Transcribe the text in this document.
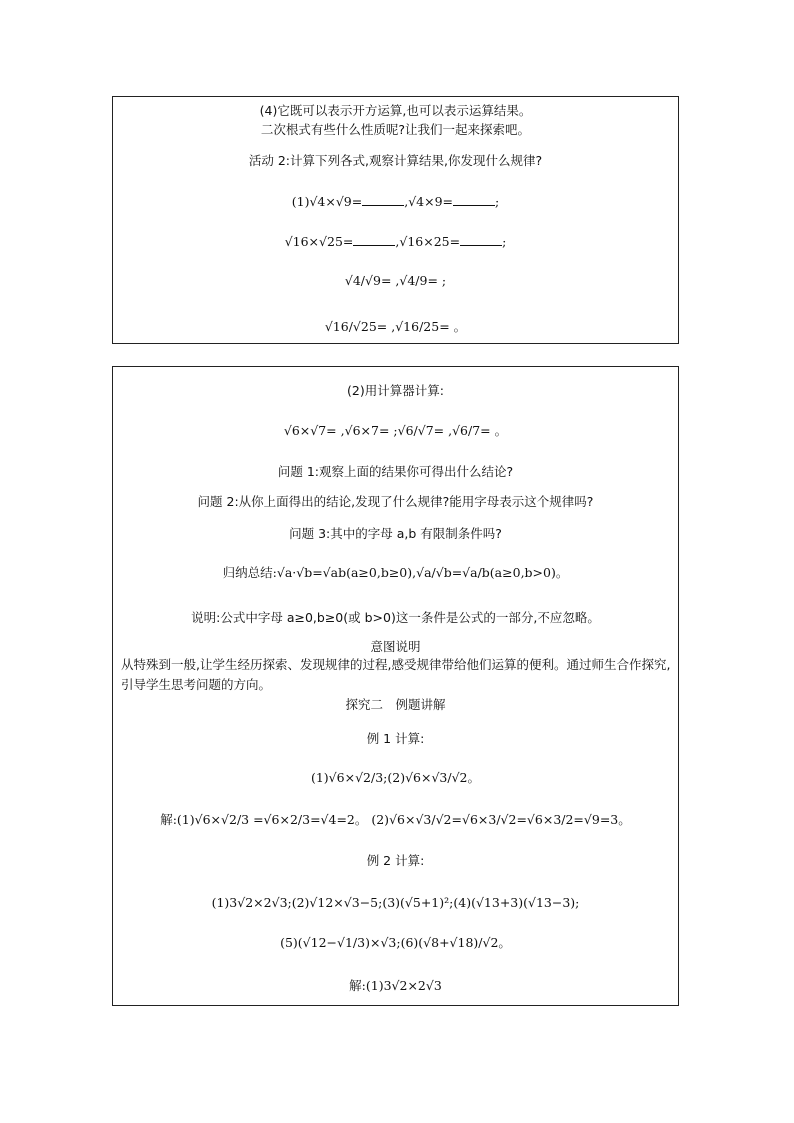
(4)它既可以表示开方运算,也可以表示运算结果。
二次根式有些什么性质呢?让我们一起来探索吧。
活动 2:计算下列各式,观察计算结果,你发现什么规律?
(1)√4×√9=	,√4×9=	;
√16×√25=	,√16×25=	;
√4/√9= ,√4/9= ;
√16/√25= ,√16/25= 。
(2)用计算器计算:
√6×√7= ,√6×7= ;√6/√7= ,√6/7= 。
问题 1:观察上面的结果你可得出什么结论?
问题 2:从你上面得出的结论,发现了什么规律?能用字母表示这个规律吗?
问题 3:其中的字母 a,b 有限制条件吗?
归纳总结:√a·√b=√ab(a≥0,b≥0),√a/√b=√a/b(a≥0,b>0)。
说明:公式中字母 a≥0,b≥0(或 b>0)这一条件是公式的一部分,不应忽略。
意图说明
从特殊到一般,让学生经历探索、发现规律的过程,感受规律带给他们运算的便利。通过师生合作探究,引导学生思考问题的方向。
探究二　例题讲解
例 1 计算:
(1)√6×√2/3;(2)√6×√3/√2。
解:(1)√6×√2/3 =√6×2/3=√4=2。 (2)√6×√3/√2=√6×3/√2=√6×3/2=√9=3。
例 2 计算:
(1)3√2×2√3;(2)√12×√3−5;(3)(√5+1)²;(4)(√13+3)(√13−3);
(5)(√12−√1/3)×√3;(6)(√8+√18)/√2。
解:(1)3√2×2√3
